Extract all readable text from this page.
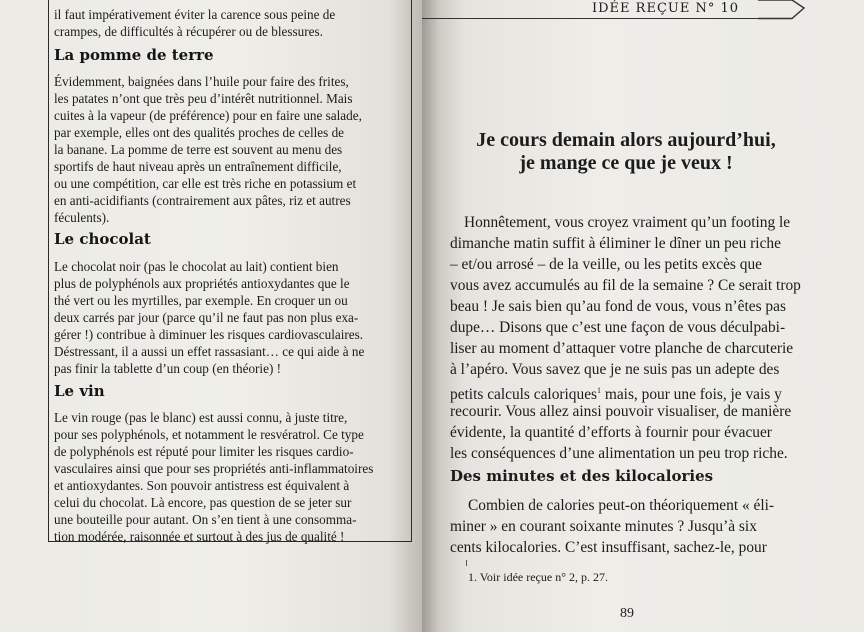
il faut impérativement éviter la carence sous peine de

crampes, de difficultés à récupérer ou de blessures.

La pomme de terre

Évidemment, baignées dans l’huile pour faire des frites,

les patates n’ont que très peu d’intérêt nutritionnel. Mais

cuites à la vapeur (de préférence) pour en faire une salade,

par exemple, elles ont des qualités proches de celles de

la banane. La pomme de terre est souvent au menu des

sportifs de haut niveau après un entraînement difficile,

ou une compétition, car elle est très riche en potassium et

en anti-acidifiants (contrairement aux pâtes, riz et autres

féculents).

Le chocolat

Le chocolat noir (pas le chocolat au lait) contient bien

plus de polyphénols aux propriétés antioxydantes que le

thé vert ou les myrtilles, par exemple. En croquer un ou

deux carrés par jour (parce qu’il ne faut pas non plus exa-

gérer !) contribue à diminuer les risques cardiovasculaires.

Déstressant, il a aussi un effet rassasiant… ce qui aide à ne

pas finir la tablette d’un coup (en théorie) !

Le vin

Le vin rouge (pas le blanc) est aussi connu, à juste titre,

pour ses polyphénols, et notamment le resvératrol. Ce type

de polyphénols est réputé pour limiter les risques cardio-

vasculaires ainsi que pour ses propriétés anti-inflammatoires

et antioxydantes. Son pouvoir antistress est équivalent à

celui du chocolat. Là encore, pas question de se jeter sur

une bouteille pour autant. On s’en tient à une consomma-

tion modérée, raisonnée et surtout à des jus de qualité !

IDÉE REÇUE N° 10
Je cours demain alors aujourd’hui,
je mange ce que je veux !

Honnêtement, vous croyez vraiment qu’un footing le

dimanche matin suffit à éliminer le dîner un peu riche

– et/ou arrosé – de la veille, ou les petits excès que

vous avez accumulés au fil de la semaine ? Ce serait trop

beau ! Je sais bien qu’au fond de vous, vous n’êtes pas

dupe… Disons que c’est une façon de vous déculpabi-

liser au moment d’attaquer votre planche de charcuterie

à l’apéro. Vous savez que je ne suis pas un adepte des

petits calculs caloriques$^1$ mais, pour une fois, je vais y

recourir. Vous allez ainsi pouvoir visualiser, de manière

évidente, la quantité d’efforts à fournir pour évacuer

les conséquences d’une alimentation un peu trop riche.

Des minutes et des kilocalories

Combien de calories peut-on théoriquement « éli-

miner » en courant soixante minutes ? Jusqu’à six

cents kilocalories. C’est insuffisant, sachez-le, pour

1. Voir idée reçue n° 2, p. 27.

89
